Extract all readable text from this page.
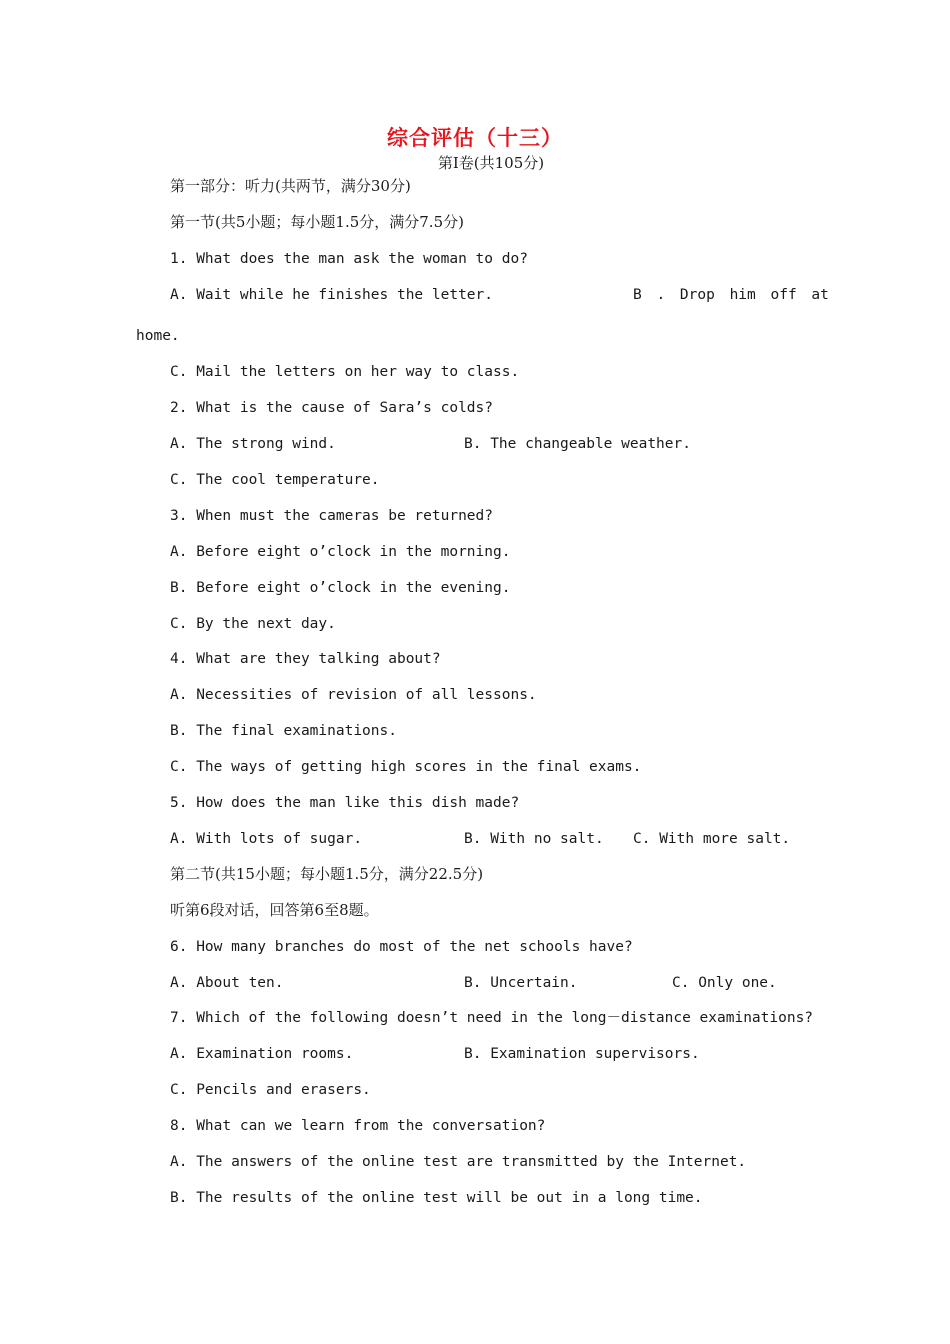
综合评估（十三）
第Ⅰ卷(共105分)
第一部分：听力(共两节，满分30分)
第一节(共5小题；每小题1.5分，满分7.5分)
1. What does the man ask the woman to do?
A. Wait while he finishes the letter.	B . Drop him off at
home.
C. Mail the letters on her way to class.
2. What is the cause of Sara’s colds?
A. The strong wind.	B. The changeable weather.
C. The cool temperature.
3. When must the cameras be returned?
A. Before eight o’clock in the morning.
B. Before eight o’clock in the evening.
C. By the next day.
4. What are they talking about?
A. Necessities of revision of all lessons.
B. The final examinations.
C. The ways of getting high scores in the final exams.
5. How does the man like this dish made?
A. With lots of sugar.	B. With no salt. C. With more salt.
第二节(共15小题；每小题1.5分，满分22.5分)
听第6段对话，回答第6至8题。
6. How many branches do most of the net schools have?
A. About ten.	B. Uncertain.	C. Only one.
7. Which of the following doesn’t need in the long－distance examinations?
A. Examination rooms.	B. Examination supervisors.
C. Pencils and erasers.
8. What can we learn from the conversation?
A. The answers of the online test are transmitted by the Internet.
B. The results of the online test will be out in a long time.
